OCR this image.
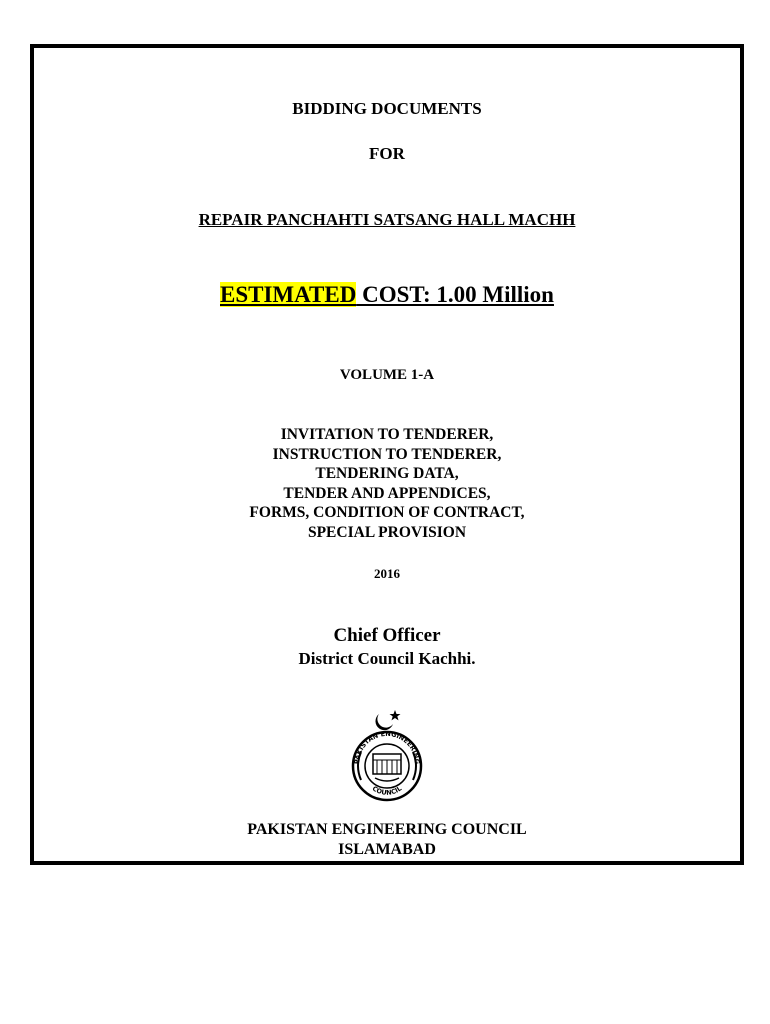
BIDDING DOCUMENTS
FOR
REPAIR PANCHAHTI SATSANG HALL MACHH
ESTIMATED COST: 1.00 Million
VOLUME 1-A
INVITATION TO TENDERER,
INSTRUCTION TO TENDERER,
TENDERING DATA,
TENDER AND APPENDICES,
FORMS, CONDITION OF CONTRACT,
SPECIAL PROVISION
2016
Chief Officer
District Council Kachhi.
PAKISTAN ENGINEERING
COUNCIL
PAKISTAN ENGINEERING COUNCIL
ISLAMABAD
